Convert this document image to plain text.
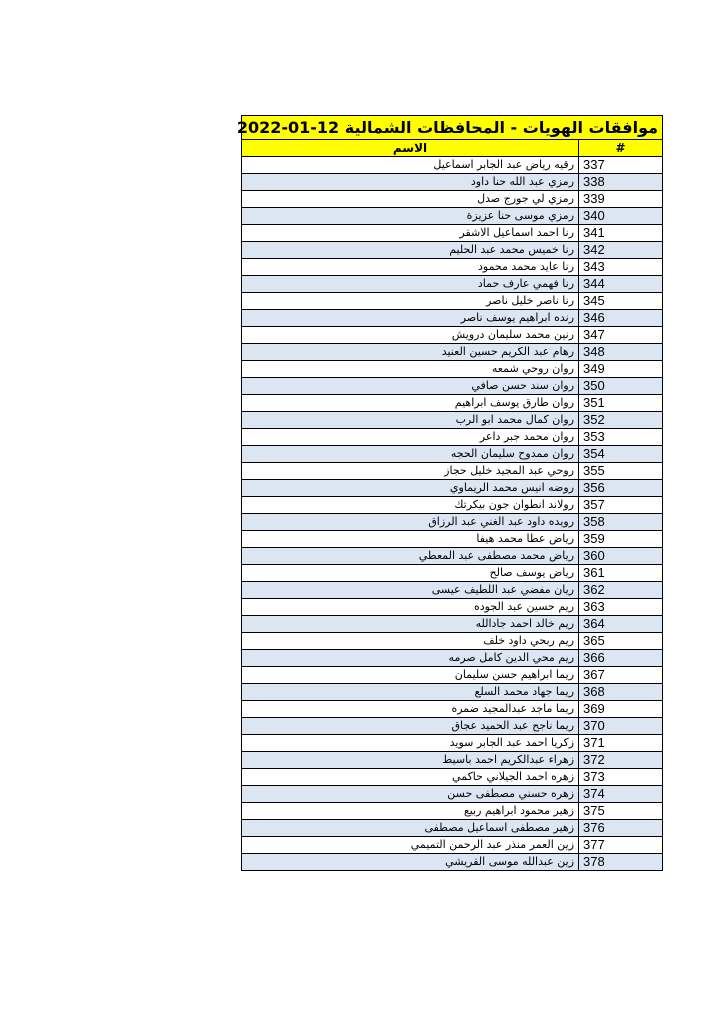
موافقات الهويات - المحافظات الشمالية 12-01-2022	
#	الاسم
337	رقيه رياض عبد الجابر اسماعيل
338	رمزي عبد الله حنا داود
339	رمزي لي جورج صدل
340	رمزي موسى حنا عزيزة
341	رنا احمد اسماعيل الاشقر
342	رنا خميس محمد عبد الحليم
343	رنا عايد محمد محمود
344	رنا فهمي عارف حماد
345	رنا ناصر خليل ناصر
346	رنده ابراهيم يوسف ناصر
347	رنين محمد سليمان درويش
348	رهام عبد الكريم حسين العنيد
349	روان روحي شمعه
350	روان سند حسن صافي
351	روان طارق يوسف ابراهيم
352	روان كمال محمد ابو الرب
353	روان محمد جبر داعر
354	روان ممدوح سليمان الحجه
355	روحي عبد المجيد خليل حجاز
356	روضه انيس محمد الريماوي
357	رولاند انطوان جون بيكرتك
358	رويده داود عبد الغني عبد الرزاق
359	رياض عطا محمد هيفا
360	رياض محمد مصطفى عبد المعطي
361	رياض يوسف صالح
362	ريان مفضي عبد اللطيف عيسى
363	ريم حسين عبد الجوده
364	ريم خالد احمد جادالله
365	ريم ربحي داود خلف
366	ريم محي الدين كامل صرمه
367	ريما ابراهيم حسن سليمان
368	ريما جهاد محمد السلع
369	ريما ماجد عبدالمجيد ضمره
370	ريما ناجح عبد الحميد عجاق
371	زكريا احمد عبد الجابر سويد
372	زهراء عبدالكريم احمد باسيط
373	زهره احمد الجيلاني حاكمي
374	زهره حسني مصطفى حسن
375	زهير محمود ابراهيم ربيع
376	زهير مصطفى اسماعيل مصطفى
377	زين العمر منذر عبد الرحمن التميمي
378	زين عبدالله موسى القريشي
